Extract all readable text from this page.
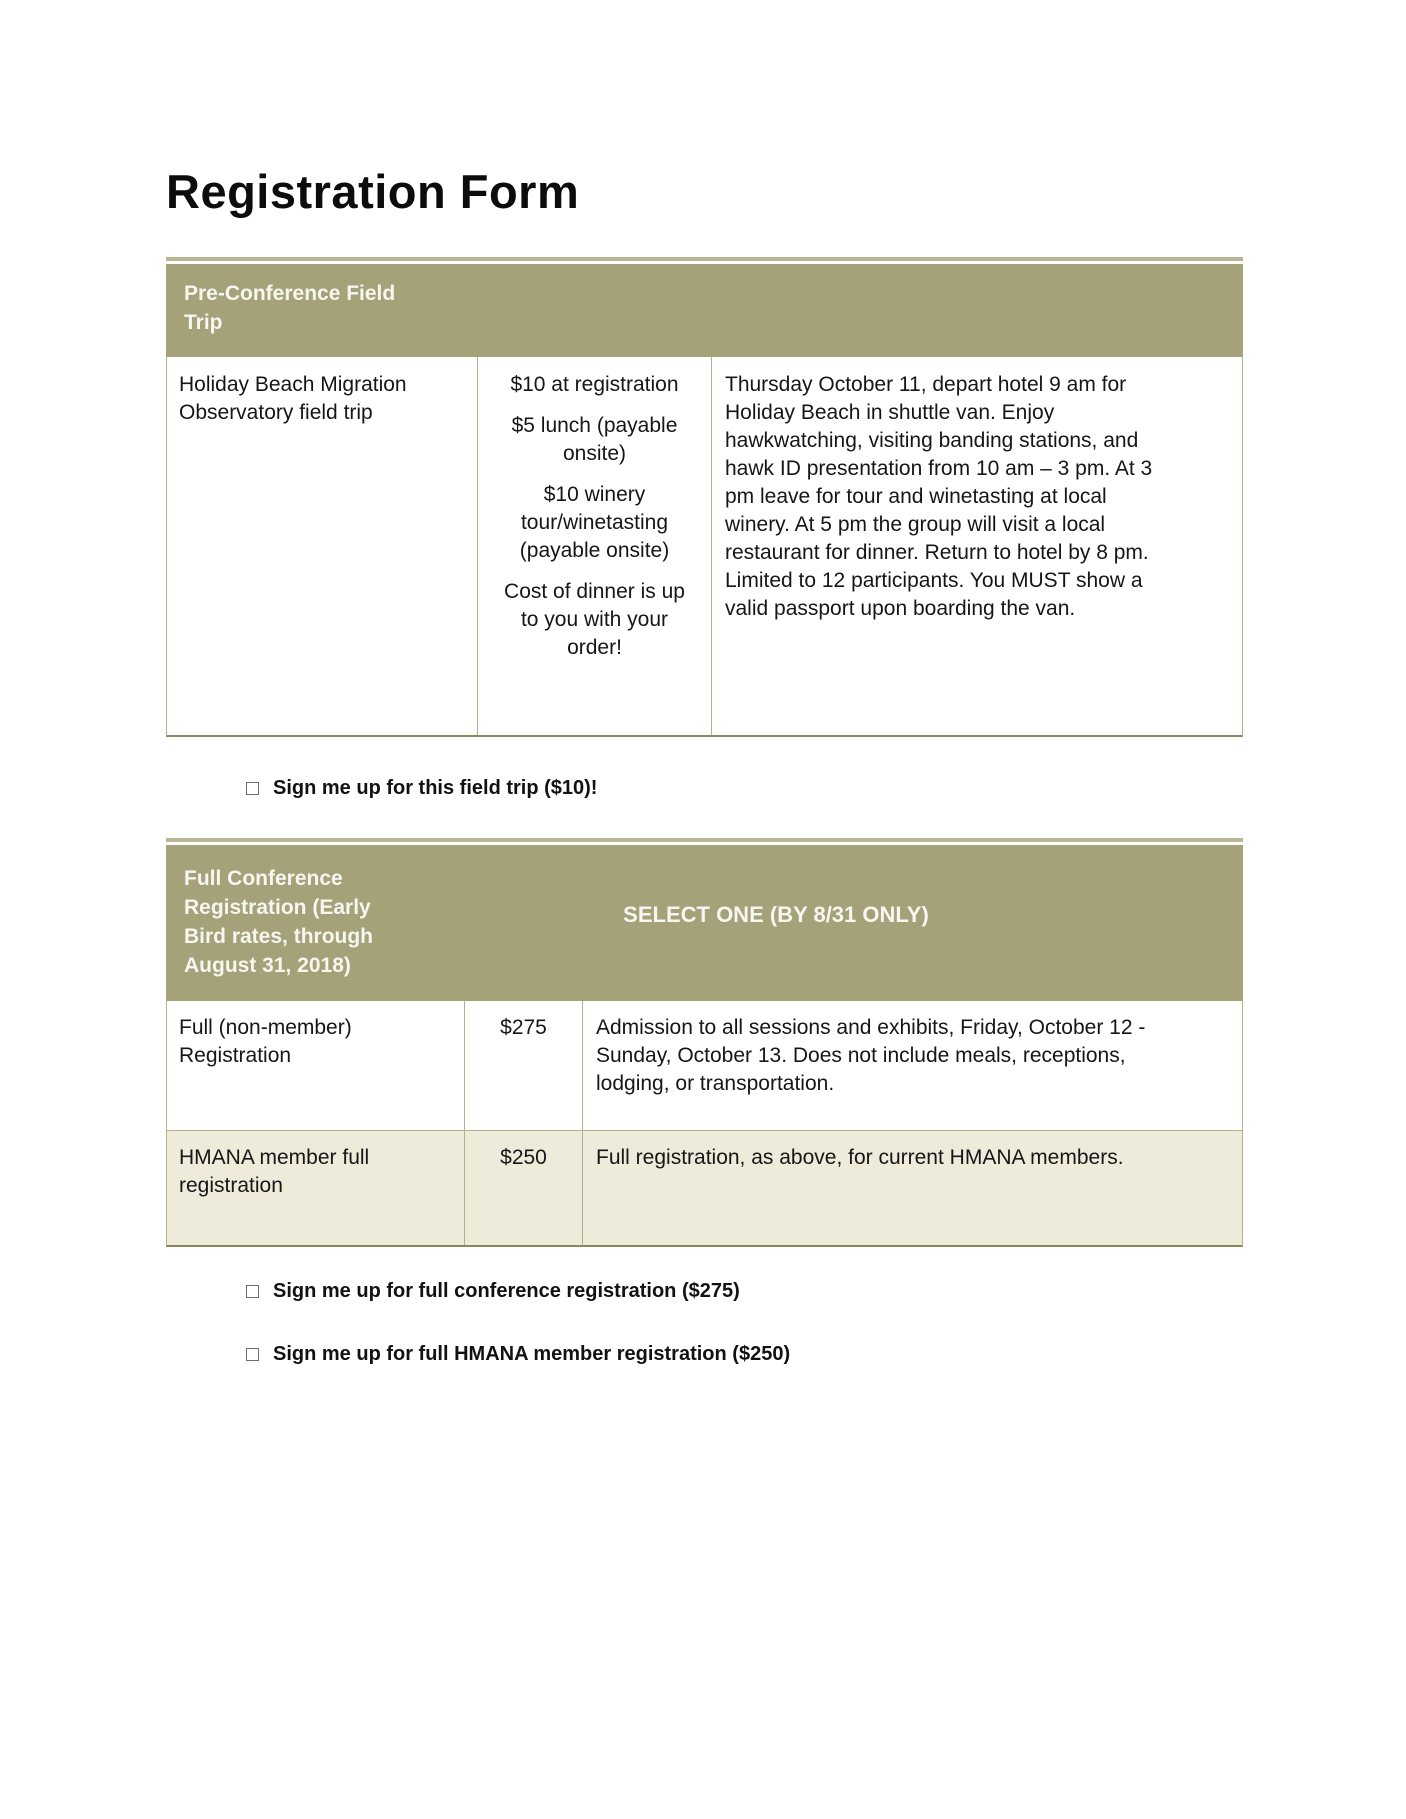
Registration Form
Pre-Conference Field Trip
Holiday Beach Migration Observatory field trip

$10 at registration

$5 lunch (payable onsite)

$10 winery tour/winetasting (payable onsite)

Cost of dinner is up to you with your order!

Thursday October 11, depart hotel 9 am for Holiday Beach in shuttle van. Enjoy hawkwatching, visiting banding stations, and hawk ID presentation from 10 am – 3 pm. At 3 pm leave for tour and winetasting at local winery. At 5 pm the group will visit a local restaurant for dinner. Return to hotel by 8 pm. Limited to 12 participants. You MUST show a valid passport upon boarding the van.
Sign me up for this field trip ($10)!
Full Conference Registration (Early Bird rates, through August 31, 2018)
SELECT ONE (BY 8/31 ONLY)
Full (non-member) Registration
$275	Admission to all sessions and exhibits, Friday, October 12 - Sunday, October 13. Does not include meals, receptions, lodging, or transportation.
HMANA member full registration
$250	Full registration, as above, for current HMANA members.
Sign me up for full conference registration ($275)
Sign me up for full HMANA member registration ($250)
